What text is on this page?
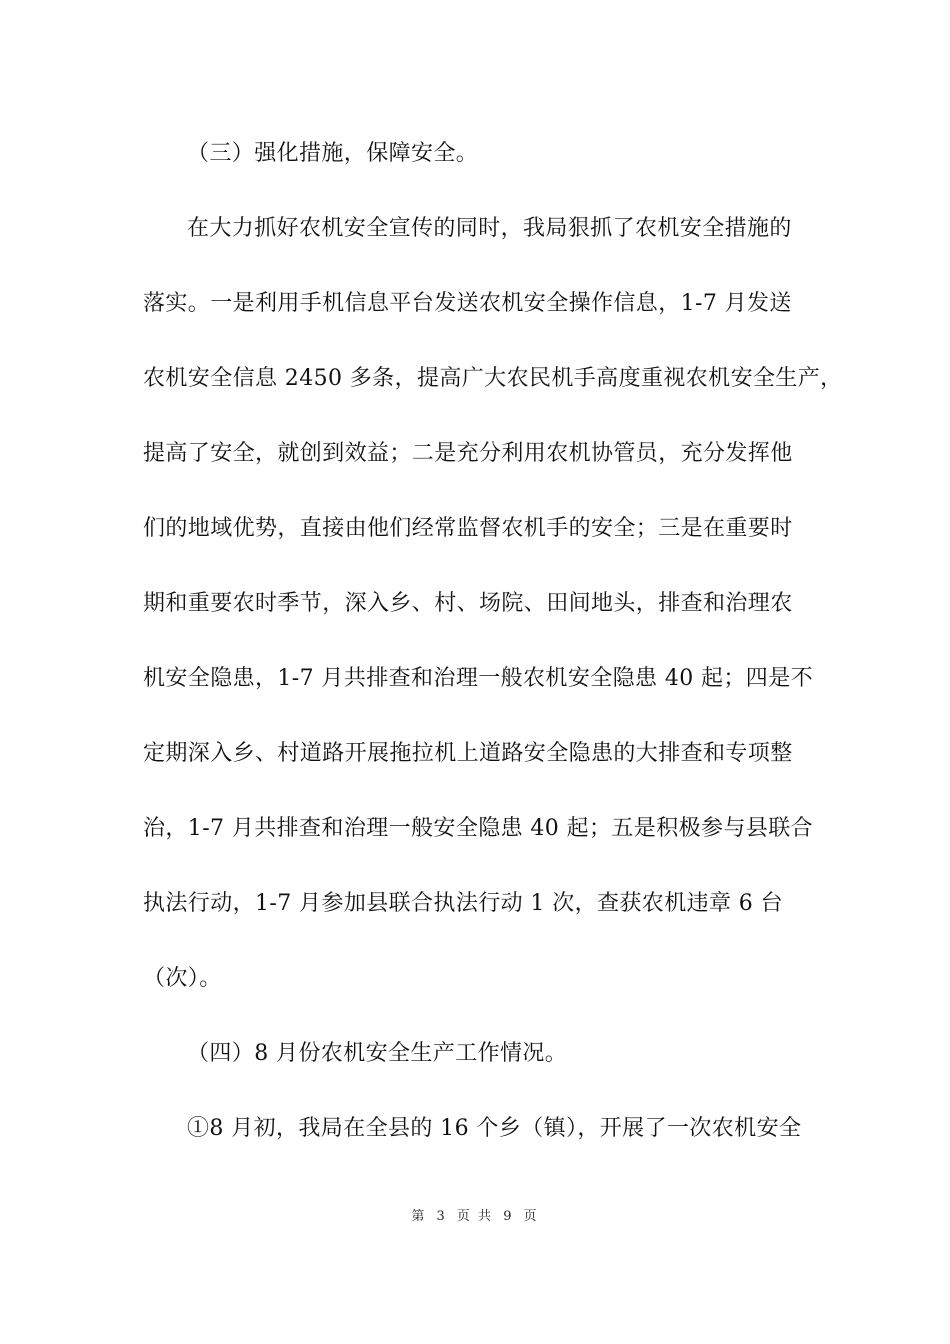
（三）强化措施，保障安全。
在大力抓好农机安全宣传的同时，我局狠抓了农机安全措施的
落实。一是利用手机信息平台发送农机安全操作信息，1-7 月发送
农机安全信息 2450 多条，提高广大农民机手高度重视农机安全生产，
提高了安全，就创到效益；二是充分利用农机协管员，充分发挥他
们的地域优势，直接由他们经常监督农机手的安全；三是在重要时
期和重要农时季节，深入乡、村、场院、田间地头，排查和治理农
机安全隐患，1-7 月共排查和治理一般农机安全隐患 40 起；四是不
定期深入乡、村道路开展拖拉机上道路安全隐患的大排查和专项整
治，1-7 月共排查和治理一般安全隐患 40 起；五是积极参与县联合
执法行动，1-7 月参加县联合执法行动 1 次，查获农机违章 6 台
（次）。
（四）8 月份农机安全生产工作情况。
①8 月初，我局在全县的 16 个乡（镇），开展了一次农机安全
第 3 页 共 9 页
